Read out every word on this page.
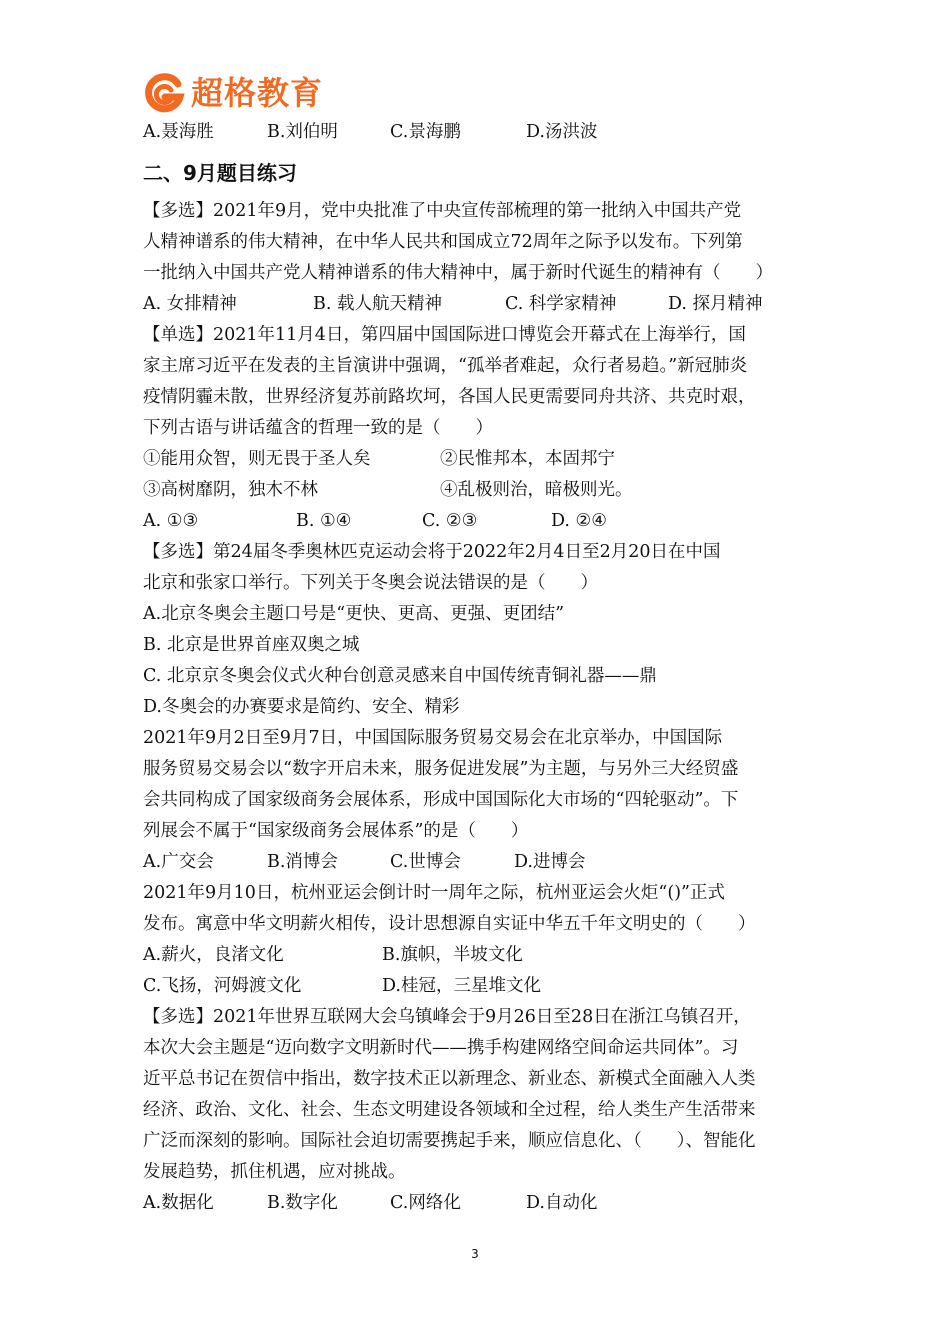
超格教育
A.聂海胜	B.刘伯明	C.景海鹏	D.汤洪波
二、9月题目练习
【多选】2021年9月，党中央批准了中央宣传部梳理的第一批纳入中国共产党
人精神谱系的伟大精神，在中华人民共和国成立72周年之际予以发布。下列第
一批纳入中国共产党人精神谱系的伟大精神中，属于新时代诞生的精神有（　　）
A. 女排精神	B. 载人航天精神	C. 科学家精神	D. 探月精神
【单选】2021年11月4日，第四届中国国际进口博览会开幕式在上海举行，国
家主席习近平在发表的主旨演讲中强调，“孤举者难起，众行者易趋。”新冠肺炎
疫情阴霾未散，世界经济复苏前路坎坷，各国人民更需要同舟共济、共克时艰，
下列古语与讲话蕴含的哲理一致的是（　　）
①能用众智，则无畏于圣人矣	②民惟邦本，本固邦宁
③高树靡阴，独木不林	④乱极则治，暗极则光。
A. ①③	B. ①④	C. ②③	D. ②④
【多选】第24届冬季奥林匹克运动会将于2022年2月4日至2月20日在中国
北京和张家口举行。下列关于冬奥会说法错误的是（　　）
A.北京冬奥会主题口号是“更快、更高、更强、更团结”
B. 北京是世界首座双奥之城
C. 北京京冬奥会仪式火种台创意灵感来自中国传统青铜礼器——鼎
D.冬奥会的办赛要求是简约、安全、精彩
2021年9月2日至9月7日，中国国际服务贸易交易会在北京举办，中国国际
服务贸易交易会以“数字开启未来，服务促进发展”为主题，与另外三大经贸盛
会共同构成了国家级商务会展体系，形成中国国际化大市场的“四轮驱动”。下
列展会不属于“国家级商务会展体系”的是（　　）
A.广交会	B.消博会	C.世博会	D.进博会
2021年9月10日，杭州亚运会倒计时一周年之际，杭州亚运会火炬“()”正式
发布。寓意中华文明薪火相传，设计思想源自实证中华五千年文明史的（　　）
A.薪火，良渚文化	B.旗帜，半坡文化
C.飞扬，河姆渡文化	D.桂冠，三星堆文化
【多选】2021年世界互联网大会乌镇峰会于9月26日至28日在浙江乌镇召开，
本次大会主题是“迈向数字文明新时代——携手构建网络空间命运共同体”。习
近平总书记在贺信中指出，数字技术正以新理念、新业态、新模式全面融入人类
经济、政治、文化、社会、生态文明建设各领域和全过程，给人类生产生活带来
广泛而深刻的影响。国际社会迫切需要携起手来，顺应信息化、（　　）、智能化
发展趋势，抓住机遇，应对挑战。
A.数据化	B.数字化	C.网络化	D.自动化
3
